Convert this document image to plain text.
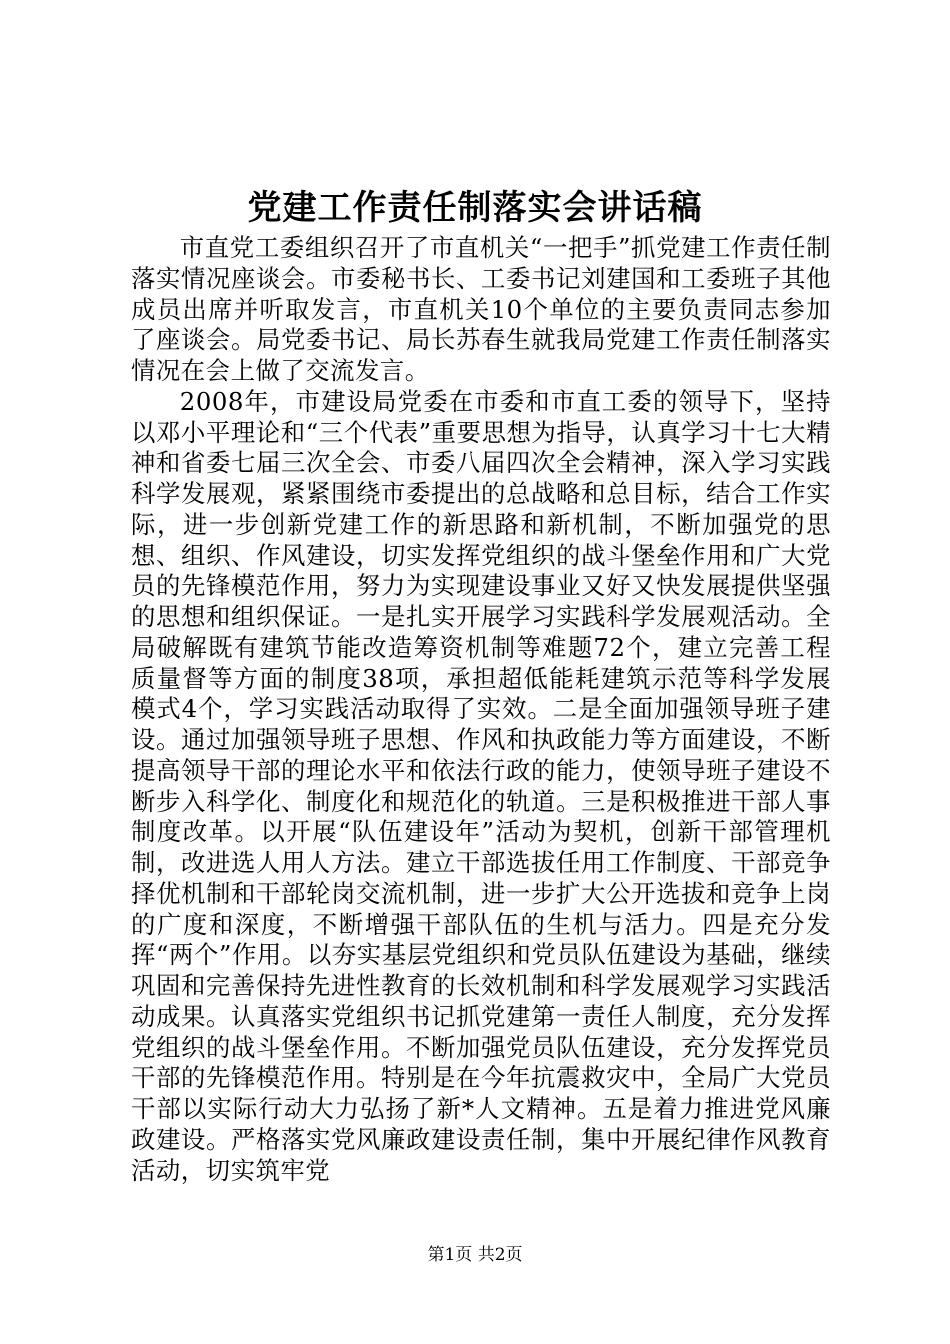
党建工作责任制落实会讲话稿

市直党工委组织召开了市直机关“一把手”抓党建工作责任制落实情况座谈会。市委秘书长、工委书记刘建国和工委班子其他成员出席并听取发言，市直机关10个单位的主要负责同志参加了座谈会。局党委书记、局长苏春生就我局党建工作责任制落实情况在会上做了交流发言。

2008年，市建设局党委在市委和市直工委的领导下，坚持以邓小平理论和“三个代表”重要思想为指导，认真学习十七大精神和省委七届三次全会、市委八届四次全会精神，深入学习实践科学发展观，紧紧围绕市委提出的总战略和总目标，结合工作实际，进一步创新党建工作的新思路和新机制，不断加强党的思想、组织、作风建设，切实发挥党组织的战斗堡垒作用和广大党员的先锋模范作用，努力为实现建设事业又好又快发展提供坚强的思想和组织保证。一是扎实开展学习实践科学发展观活动。全局破解既有建筑节能改造筹资机制等难题72个，建立完善工程质量督等方面的制度38项，承担超低能耗建筑示范等科学发展模式4个，学习实践活动取得了实效。二是全面加强领导班子建设。通过加强领导班子思想、作风和执政能力等方面建设，不断提高领导干部的理论水平和依法行政的能力，使领导班子建设不断步入科学化、制度化和规范化的轨道。三是积极推进干部人事制度改革。以开展“队伍建设年”活动为契机，创新干部管理机制，改进选人用人方法。建立干部选拔任用工作制度、干部竞争择优机制和干部轮岗交流机制，进一步扩大公开选拔和竞争上岗的广度和深度，不断增强干部队伍的生机与活力。四是充分发挥“两个”作用。以夯实基层党组织和党员队伍建设为基础，继续巩固和完善保持先进性教育的长效机制和科学发展观学习实践活动成果。认真落实党组织书记抓党建第一责任人制度，充分发挥党组织的战斗堡垒作用。不断加强党员队伍建设，充分发挥党员干部的先锋模范作用。特别是在今年抗震救灾中，全局广大党员干部以实际行动大力弘扬了新*人文精神。五是着力推进党风廉政建设。严格落实党风廉政建设责任制，集中开展纪律作风教育活动，切实筑牢党

第1页 共2页
